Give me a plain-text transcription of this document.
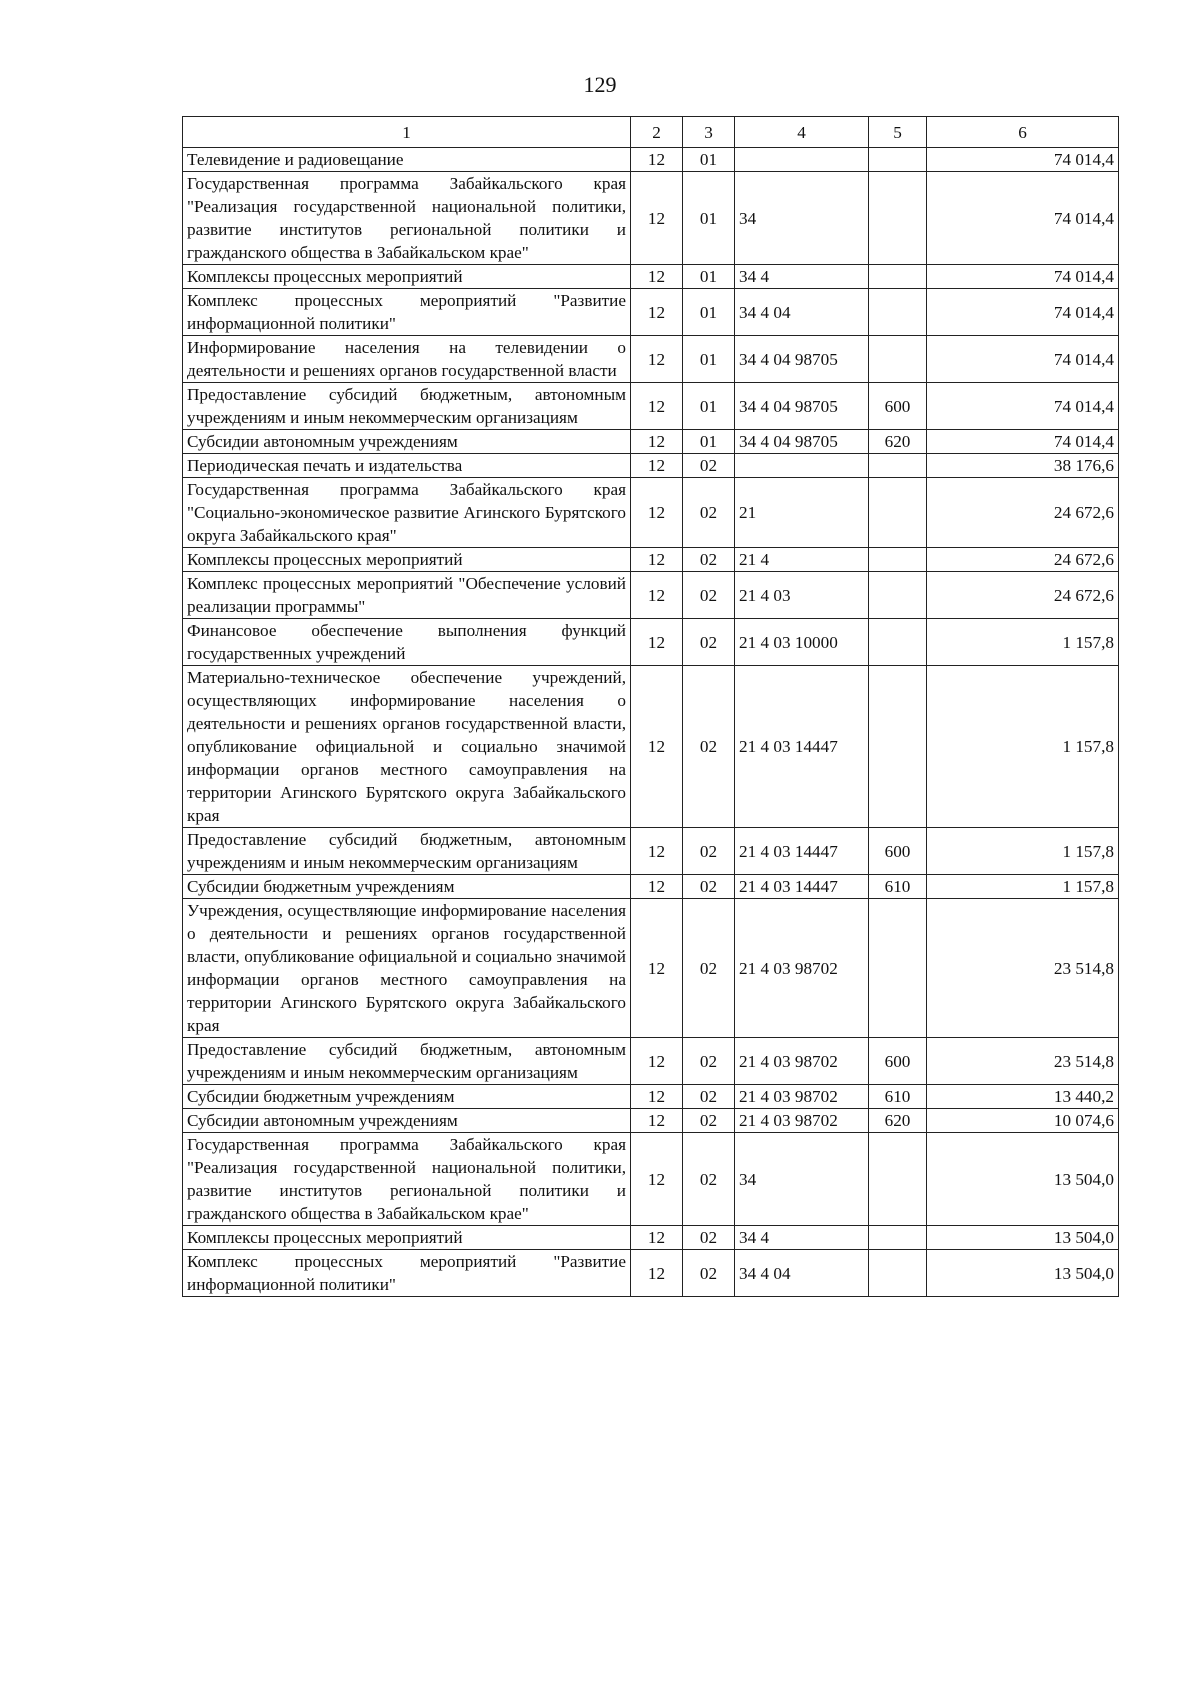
129
1	2	3	4	5	6
Телевидение и радиовещание	12	01			74 014,4
Государственная программа Забайкальского края "Реализация государственной национальной политики, развитие институтов региональной политики и гражданского общества в Забайкальском крае"	12	01	34		74 014,4
Комплексы процессных мероприятий	12	01	34 4		74 014,4
Комплекс процессных мероприятий "Развитие информационной политики"	12	01	34 4 04		74 014,4
Информирование населения на телевидении о деятельности и решениях органов государственной власти	12	01	34 4 04 98705		74 014,4
Предоставление субсидий бюджетным, автономным учреждениям и иным некоммерческим организациям	12	01	34 4 04 98705	600	74 014,4
Субсидии автономным учреждениям	12	01	34 4 04 98705	620	74 014,4
Периодическая печать и издательства	12	02			38 176,6
Государственная программа Забайкальского края "Социально-экономическое развитие Агинского Бурятского округа Забайкальского края"	12	02	21		24 672,6
Комплексы процессных мероприятий	12	02	21 4		24 672,6
Комплекс процессных мероприятий "Обеспечение условий реализации программы"	12	02	21 4 03		24 672,6
Финансовое обеспечение выполнения функций государственных учреждений	12	02	21 4 03 10000		1 157,8
Материально-техническое обеспечение учреждений, осуществляющих информирование населения о деятельности и решениях органов государственной власти, опубликование официальной и социально значимой информации органов местного самоуправления на территории Агинского Бурятского округа Забайкальского края	12	02	21 4 03 14447		1 157,8
Предоставление субсидий бюджетным, автономным учреждениям и иным некоммерческим организациям	12	02	21 4 03 14447	600	1 157,8
Субсидии бюджетным учреждениям	12	02	21 4 03 14447	610	1 157,8
Учреждения, осуществляющие информирование населения о деятельности и решениях органов государственной власти, опубликование официальной и социально значимой информации органов местного самоуправления на территории Агинского Бурятского округа Забайкальского края	12	02	21 4 03 98702		23 514,8
Предоставление субсидий бюджетным, автономным учреждениям и иным некоммерческим организациям	12	02	21 4 03 98702	600	23 514,8
Субсидии бюджетным учреждениям	12	02	21 4 03 98702	610	13 440,2
Субсидии автономным учреждениям	12	02	21 4 03 98702	620	10 074,6
Государственная программа Забайкальского края "Реализация государственной национальной политики, развитие институтов региональной политики и гражданского общества в Забайкальском крае"	12	02	34		13 504,0
Комплексы процессных мероприятий	12	02	34 4		13 504,0
Комплекс процессных мероприятий "Развитие информационной политики"	12	02	34 4 04		13 504,0
